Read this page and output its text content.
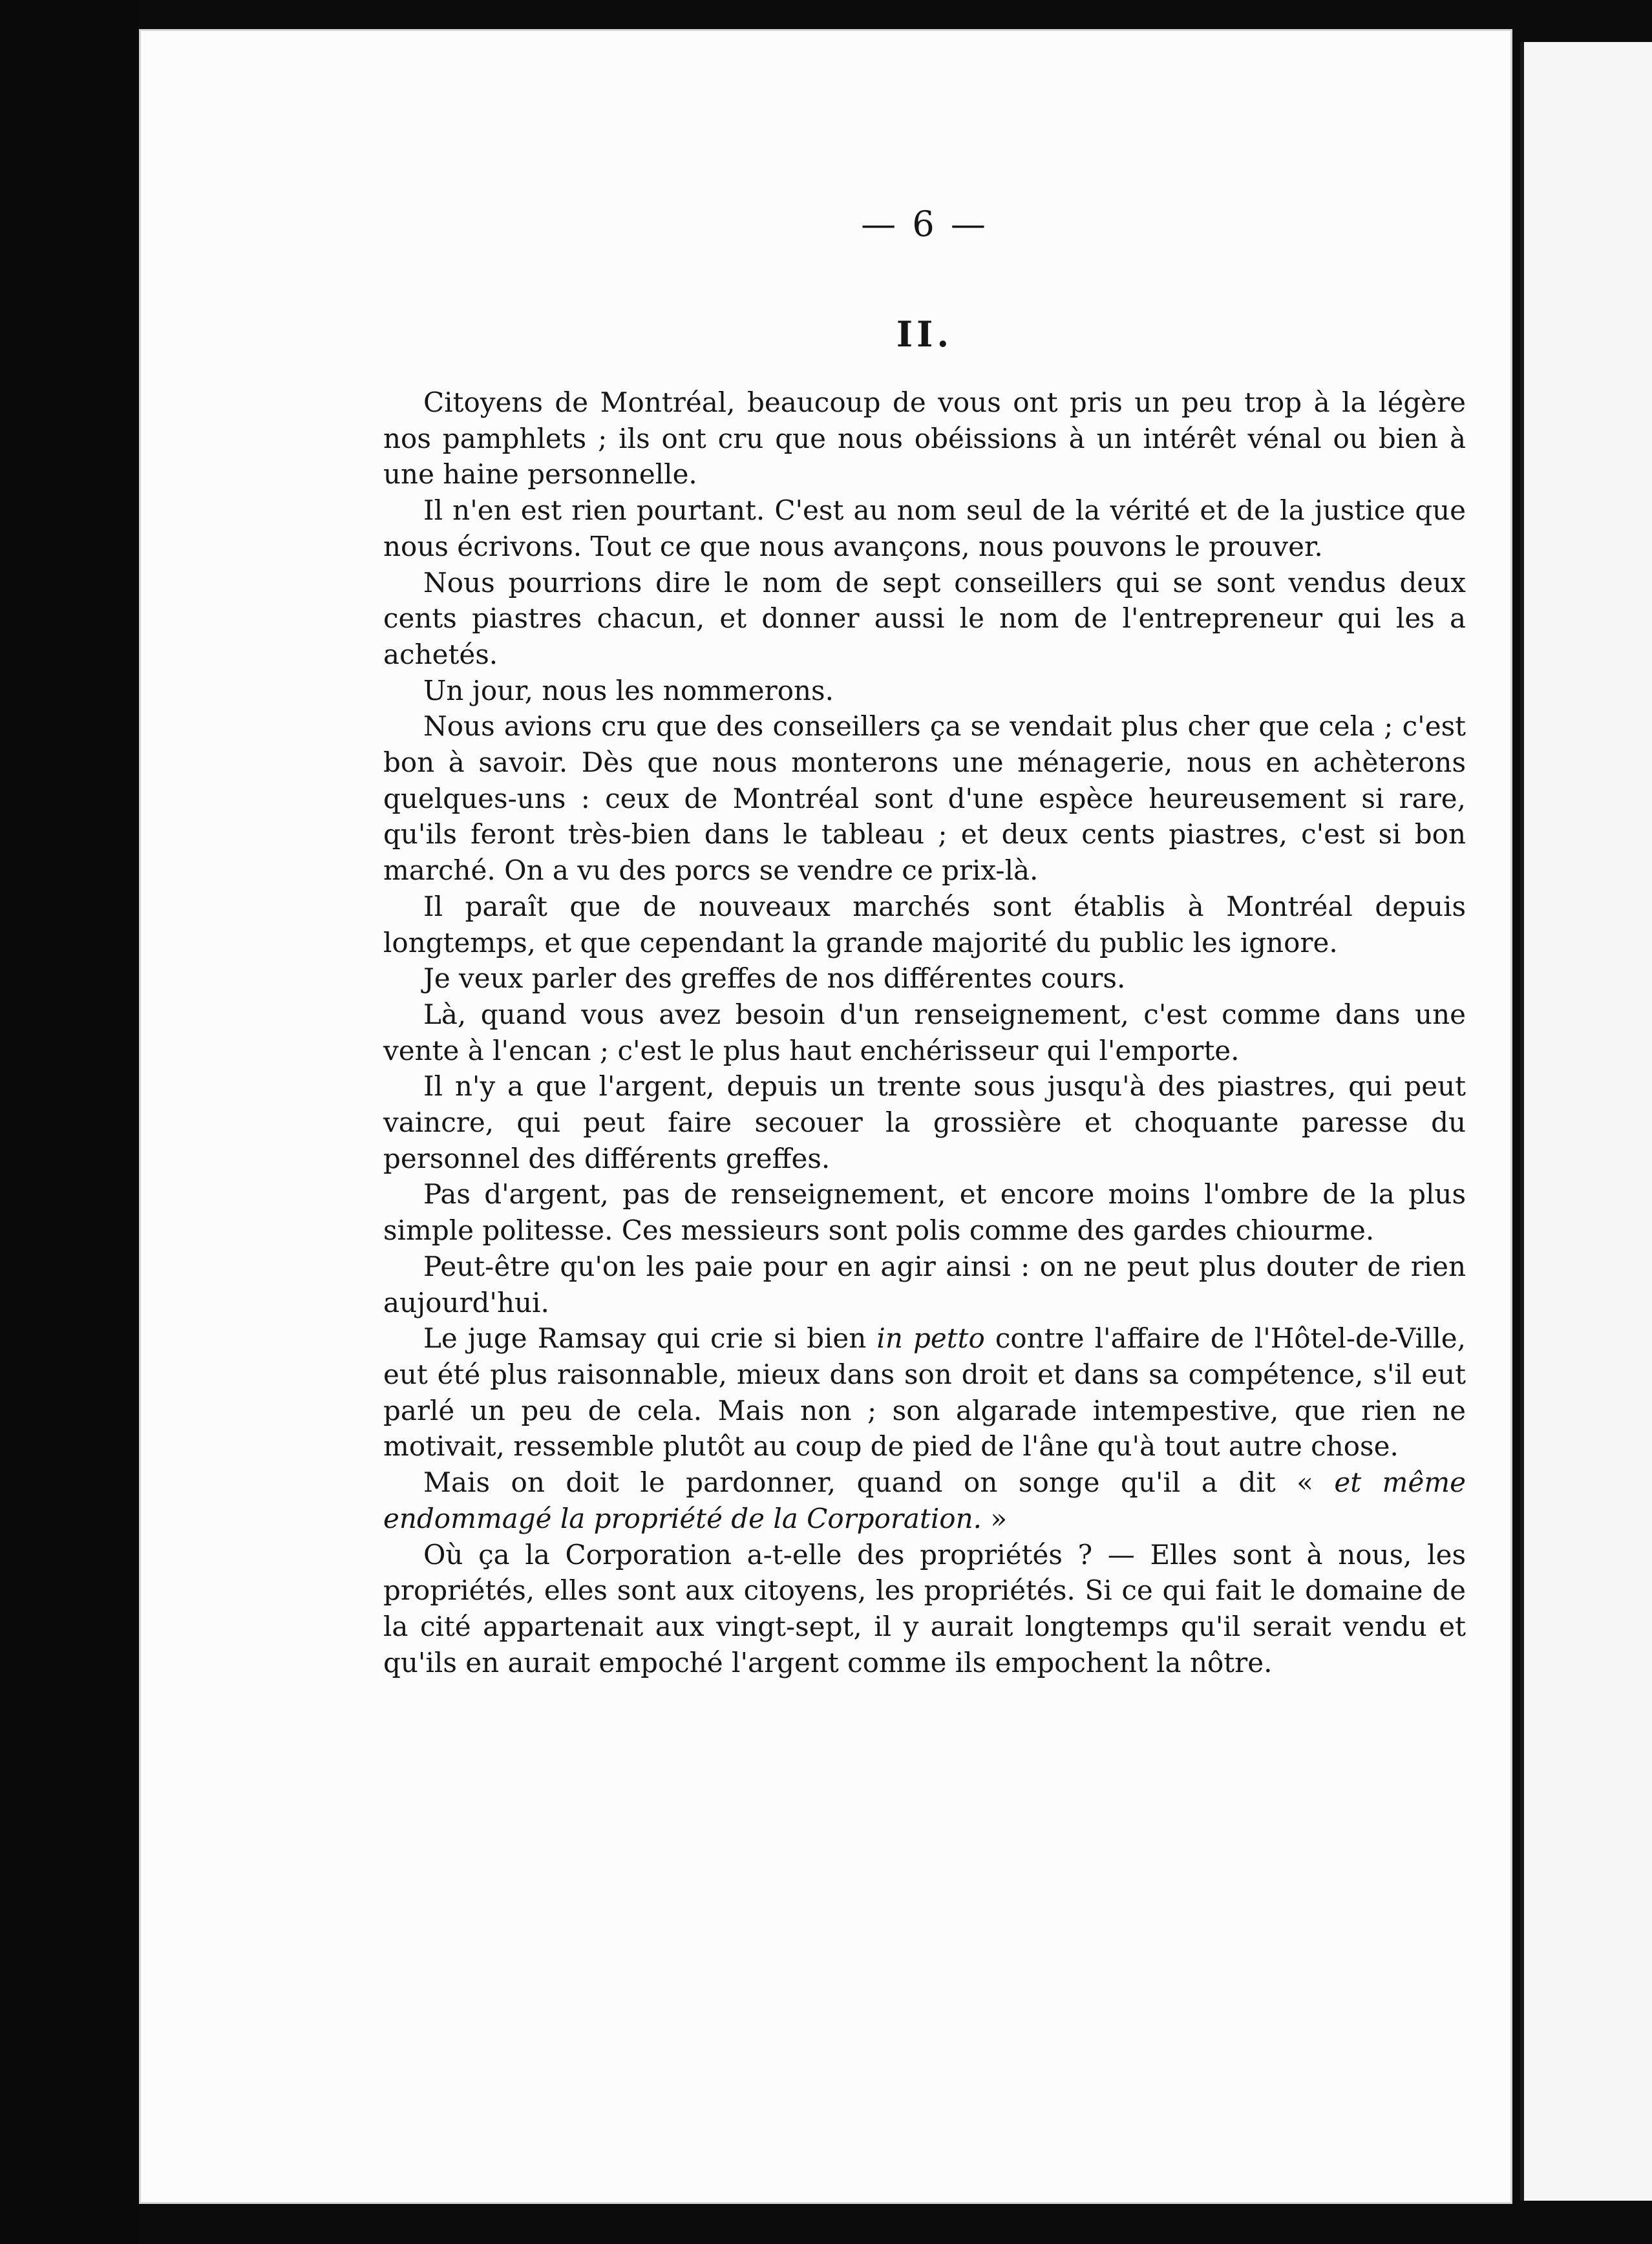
— 6 —
II.

Citoyens de Montréal, beaucoup de vous ont pris un peu trop à la légère nos pamphlets ; ils ont cru que nous obéissions à un intérêt vénal ou bien à une haine personnelle.

Il n'en est rien pourtant. C'est au nom seul de la vérité et de la justice que nous écrivons. Tout ce que nous avançons, nous pouvons le prouver.

Nous pourrions dire le nom de sept conseillers qui se sont vendus deux cents piastres chacun, et donner aussi le nom de l'entrepreneur qui les a achetés.

Un jour, nous les nommerons.

Nous avions cru que des conseillers ça se vendait plus cher que cela ; c'est bon à savoir. Dès que nous monterons une ménagerie, nous en achèterons quelques-uns : ceux de Montréal sont d'une espèce heureusement si rare, qu'ils feront très-bien dans le tableau ; et deux cents piastres, c'est si bon marché. On a vu des porcs se vendre ce prix-là.

Il paraît que de nouveaux marchés sont établis à Montréal depuis longtemps, et que cependant la grande majorité du public les ignore.

Je veux parler des greffes de nos différentes cours.

Là, quand vous avez besoin d'un renseignement, c'est comme dans une vente à l'encan ; c'est le plus haut enchérisseur qui l'emporte.

Il n'y a que l'argent, depuis un trente sous jusqu'à des piastres, qui peut vaincre, qui peut faire secouer la grossière et choquante paresse du personnel des différents greffes.

Pas d'argent, pas de renseignement, et encore moins l'ombre de la plus simple politesse. Ces messieurs sont polis comme des gardes chiourme.

Peut-être qu'on les paie pour en agir ainsi : on ne peut plus douter de rien aujourd'hui.

Le juge Ramsay qui crie si bien in petto contre l'affaire de l'Hôtel-de-Ville, eut été plus raisonnable, mieux dans son droit et dans sa compétence, s'il eut parlé un peu de cela. Mais non ; son algarade intempestive, que rien ne motivait, ressemble plutôt au coup de pied de l'âne qu'à tout autre chose.

Mais on doit le pardonner, quand on songe qu'il a dit « et même endommagé la propriété de la Corporation. »

Où ça la Corporation a-t-elle des propriétés ? — Elles sont à nous, les propriétés, elles sont aux citoyens, les propriétés. Si ce qui fait le domaine de la cité appartenait aux vingt-sept, il y aurait longtemps qu'il serait vendu et qu'ils en aurait empoché l'argent comme ils empochent la nôtre.
